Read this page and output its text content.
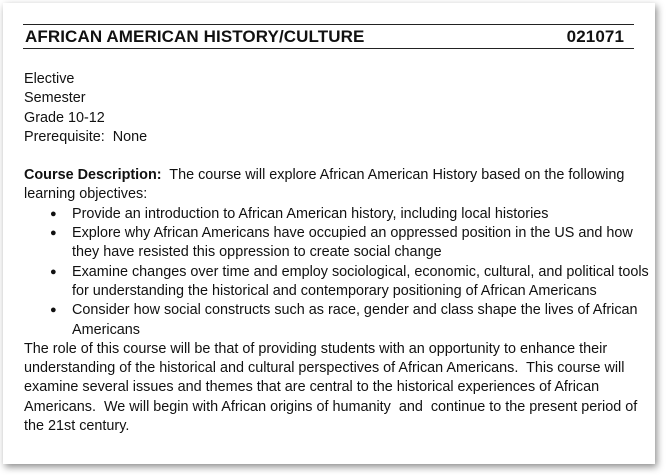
AFRICAN AMERICAN HISTORY/CULTURE	021071
Elective
Semester
Grade 10-12
Prerequisite:  None
Course Description: The course will explore African American History based on the following learning objectives:
● Provide an introduction to African American history, including local histories
● Explore why African Americans have occupied an oppressed position in the US and how they have resisted this oppression to create social change
● Examine changes over time and employ sociological, economic, cultural, and political tools for understanding the historical and contemporary positioning of African Americans
● Consider how social constructs such as race, gender and class shape the lives of African Americans
The role of this course will be that of providing students with an opportunity to enhance their understanding of the historical and cultural perspectives of African Americans.  This course will examine several issues and themes that are central to the historical experiences of African Americans.  We will begin with African origins of humanity  and  continue to the present period of the 21st century.
